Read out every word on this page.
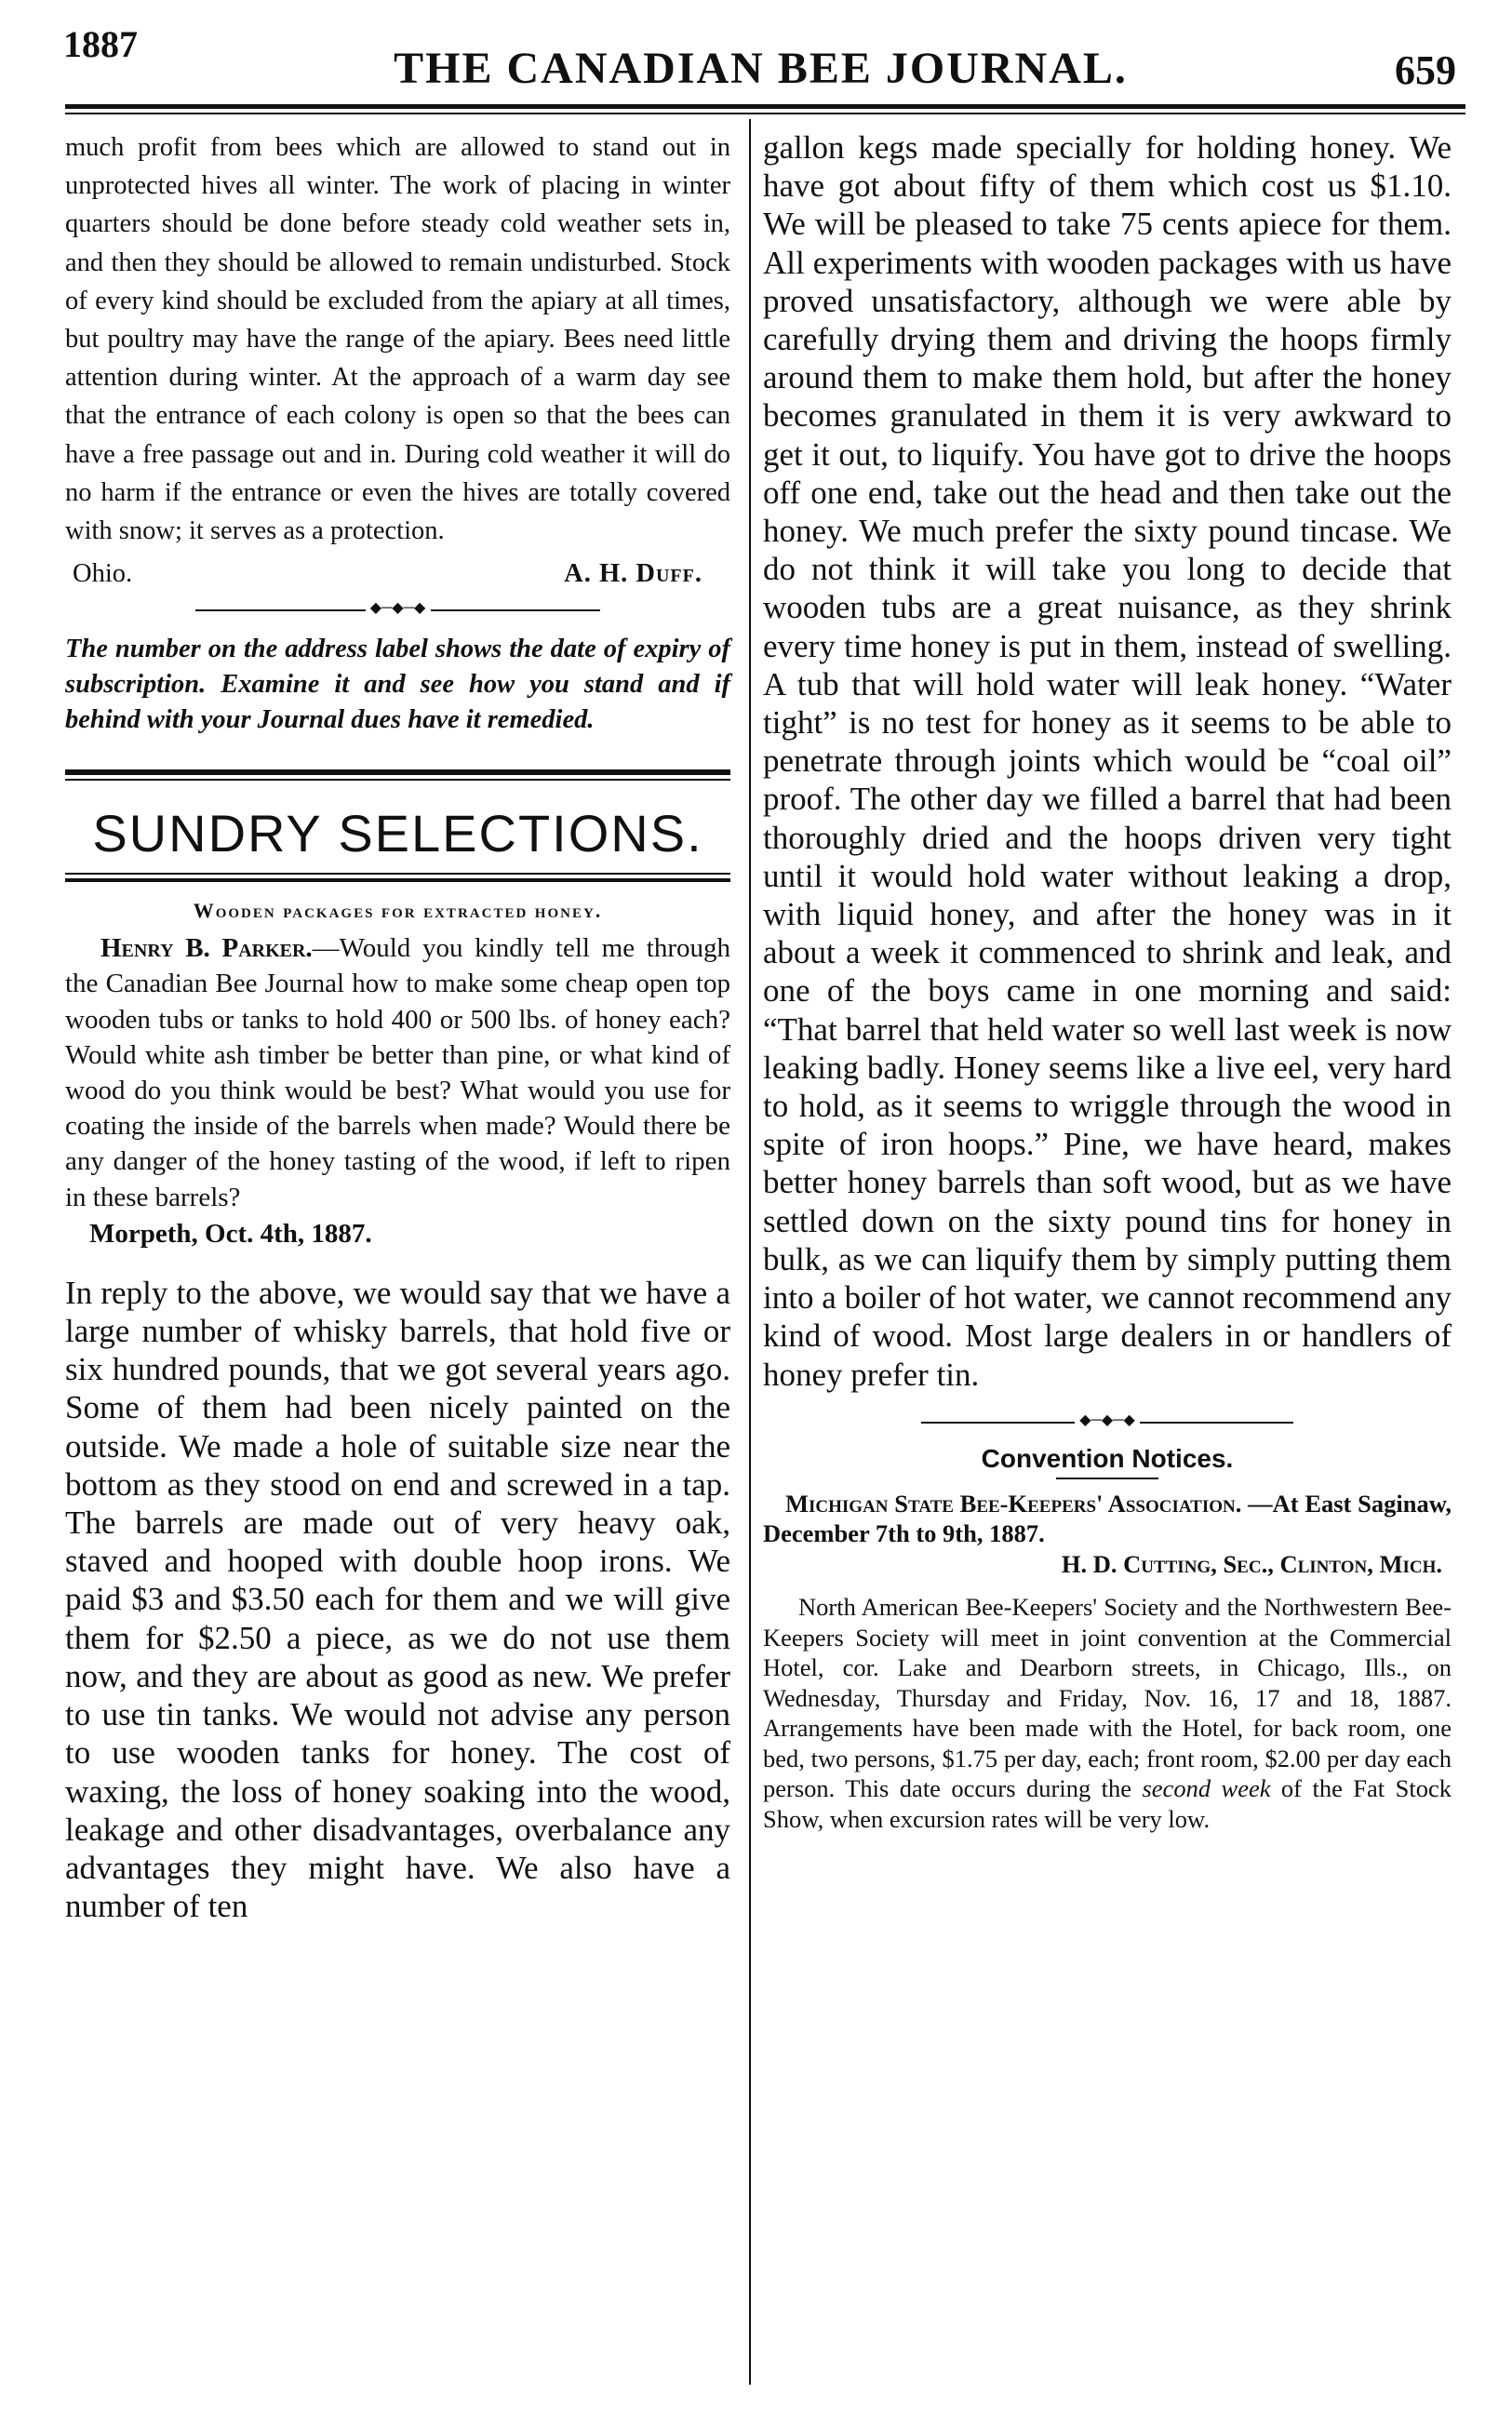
1887	THE CANADIAN BEE JOURNAL.	659

much profit from bees which are allowed to stand out in unprotected hives all winter. The work of placing in winter quarters should be done before steady cold weather sets in, and then they should be allowed to remain undisturbed. Stock of every kind should be excluded from the apiary at all times, but poultry may have the range of the apiary. Bees need little attention during winter. At the approach of a warm day see that the entrance of each colony is open so that the bees can have a free passage out and in. During cold weather it will do no harm if the entrance or even the hives are totally covered with snow; it serves as a protection.

Ohio.	A. H. Duff.
◆─◆─◆

The number on the address label shows the date of expiry of subscription. Examine it and see how you stand and if behind with your Journal dues have it remedied.

SUNDRY SELECTIONS.
Wooden packages for extracted honey.

Henry B. Parker.—Would you kindly tell me through the Canadian Bee Journal how to make some cheap open top wooden tubs or tanks to hold 400 or 500 lbs. of honey each? Would white ash timber be better than pine, or what kind of wood do you think would be best? What would you use for coating the inside of the barrels when made? Would there be any danger of the honey tasting of the wood, if left to ripen in these barrels?

Morpeth, Oct. 4th, 1887.

In reply to the above, we would say that we have a large number of whisky barrels, that hold five or six hundred pounds, that we got several years ago. Some of them had been nicely painted on the outside. We made a hole of suitable size near the bottom as they stood on end and screwed in a tap. The barrels are made out of very heavy oak, staved and hooped with double hoop irons. We paid $3 and $3.50 each for them and we will give them for $2.50 a piece, as we do not use them now, and they are about as good as new. We prefer to use tin tanks. We would not advise any person to use wooden tanks for honey. The cost of waxing, the loss of honey soaking into the wood, leakage and other disadvantages, overbalance any advantages they might have. We also have a number of ten

gallon kegs made specially for holding honey. We have got about fifty of them which cost us $1.10. We will be pleased to take 75 cents apiece for them. All experiments with wooden packages with us have proved unsatisfactory, although we were able by carefully drying them and driving the hoops firmly around them to make them hold, but after the honey becomes granulated in them it is very awkward to get it out, to liquify. You have got to drive the hoops off one end, take out the head and then take out the honey. We much prefer the sixty pound tincase. We do not think it will take you long to decide that wooden tubs are a great nuisance, as they shrink every time honey is put in them, instead of swelling. A tub that will hold water will leak honey. “Water tight” is no test for honey as it seems to be able to penetrate through joints which would be “coal oil” proof. The other day we filled a barrel that had been thoroughly dried and the hoops driven very tight until it would hold water without leaking a drop, with liquid honey, and after the honey was in it about a week it commenced to shrink and leak, and one of the boys came in one morning and said: “That barrel that held water so well last week is now leaking badly. Honey seems like a live eel, very hard to hold, as it seems to wriggle through the wood in spite of iron hoops.” Pine, we have heard, makes better honey barrels than soft wood, but as we have settled down on the sixty pound tins for honey in bulk, as we can liquify them by simply putting them into a boiler of hot water, we cannot recommend any kind of wood. Most large dealers in or handlers of honey prefer tin.

◆─◆─◆
Convention Notices.

Michigan State Bee-Keepers' Association. —At East Saginaw, December 7th to 9th, 1887.
H. D. Cutting, Sec., Clinton, Mich.

North American Bee-Keepers' Society and the Northwestern Bee-Keepers Society will meet in joint convention at the Commercial Hotel, cor. Lake and Dearborn streets, in Chicago, Ills., on Wednesday, Thursday and Friday, Nov. 16, 17 and 18, 1887. Arrangements have been made with the Hotel, for back room, one bed, two persons, $1.75 per day, each; front room, $2.00 per day each person. This date occurs during the second week of the Fat Stock Show, when excursion rates will be very low.
